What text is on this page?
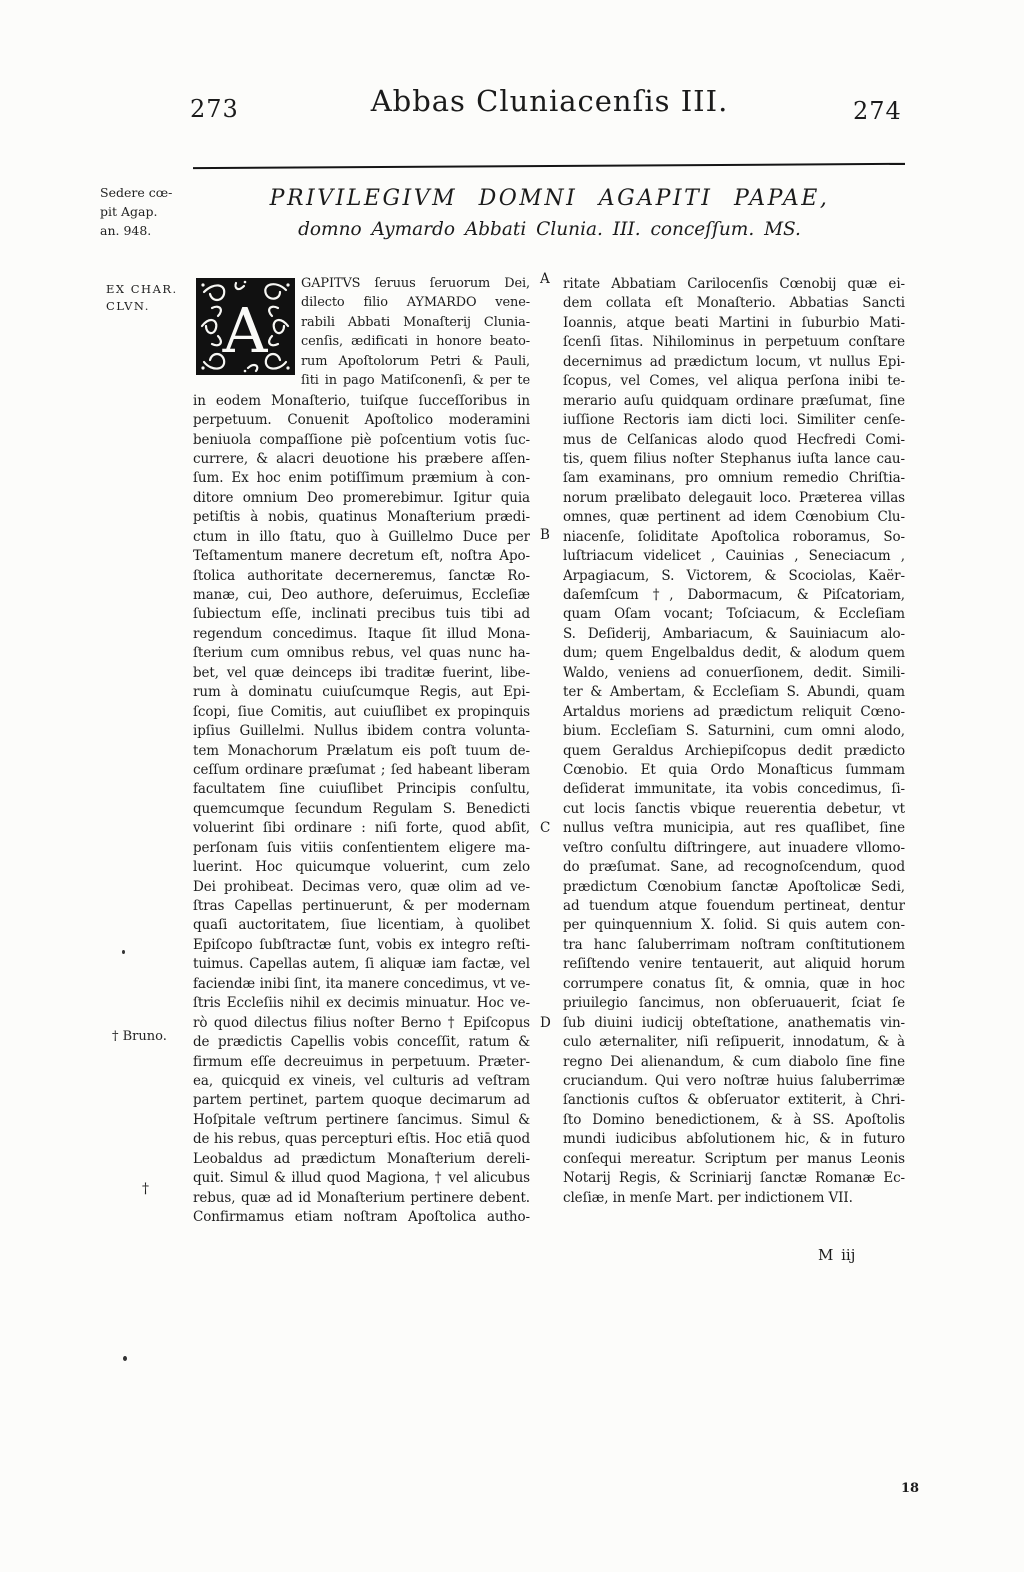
273	Abbas Cluniacenſis III.	274
Sedere cœ-
pit Agap.
an. 948.
PRIVILEGIVM DOMNI AGAPITI PAPAE,
domno Aymardo Abbati Clunia. III. conceſſum. MS.
EX CHAR.
CLVN.	A
GAPITVS ſeruus ſeruorum Dei,
dilecto filio AYMARDO vene-
rabili Abbati Monaſterij Clunia-
cenſis, ædificati in honore beato-
rum Apoſtolorum Petri & Pauli,
ſiti in pago Matiſconenſi, & per te
in eodem Monaſterio, tuiſque ſucceſſoribus in
perpetuum. Conuenit Apoſtolico moderamini
beniuola compaſſione piè poſcentium votis ſuc-
currere, & alacri deuotione his præbere aſſen-
ſum. Ex hoc enim potiſſimum præmium à con-
ditore omnium Deo promerebimur. Igitur quia
petiſtis à nobis, quatinus Monaſterium prædi-
ctum in illo ſtatu, quo à Guillelmo Duce per
Teſtamentum manere decretum eſt, noſtra Apo-
ſtolica authoritate decerneremus, ſanctæ Ro-
manæ, cui, Deo authore, deſeruimus, Eccleſiæ
ſubiectum eſſe, inclinati precibus tuis tibi ad
regendum concedimus. Itaque ſit illud Mona-
ſterium cum omnibus rebus, vel quas nunc ha-
bet, vel quæ deinceps ibi traditæ fuerint, libe-
rum à dominatu cuiuſcumque Regis, aut Epi-
ſcopi, ſiue Comitis, aut cuiuſlibet ex propinquis
ipſius Guillelmi. Nullus ibidem contra volunta-
tem Monachorum Prælatum eis poſt tuum de-
ceſſum ordinare præſumat ; ſed habeant liberam
facultatem ſine cuiuſlibet Principis conſultu,
quemcumque ſecundum Regulam S. Benedicti
voluerint ſibi ordinare : niſi forte, quod abſit,
perſonam ſuis vitiis conſentientem eligere ma-
luerint. Hoc quicumque voluerint, cum zelo
Dei prohibeat. Decimas vero, quæ olim ad ve-
ſtras Capellas pertinuerunt, & per modernam
quaſi auctoritatem, ſiue licentiam, à quolibet
Epiſcopo ſubſtractæ ſunt, vobis ex integro reſti-
tuimus. Capellas autem, ſi aliquæ iam factæ, vel
faciendæ inibi ſint, ita manere concedimus, vt ve-
ſtris Eccleſiis nihil ex decimis minuatur. Hoc ve-
rò quod dilectus filius noſter Berno † Epiſcopus
de prædictis Capellis vobis conceſſit, ratum &
firmum eſſe decreuimus in perpetuum. Præter-
ea, quicquid ex vineis, vel culturis ad veſtram
partem pertinet, partem quoque decimarum ad
Hoſpitale veſtrum pertinere ſancimus. Simul &
de his rebus, quas percepturi eſtis. Hoc etiā quod
Leobaldus ad prædictum Monaſterium dereli-
quit. Simul & illud quod Magiona, † vel alicubus
rebus, quæ ad id Monaſterium pertinere debent.
Confirmamus etiam noſtram Apoſtolica autho-
A
B
C
D
ritate Abbatiam Carilocenſis Cœnobij quæ ei-
dem collata eſt Monaſterio. Abbatias Sancti
Ioannis, atque beati Martini in ſuburbio Mati-
ſcenſi ſitas. Nihilominus in perpetuum conſtare
decernimus ad prædictum locum, vt nullus Epi-
ſcopus, vel Comes, vel aliqua perſona inibi te-
merario auſu quidquam ordinare præſumat, ſine
iuſſione Rectoris iam dicti loci. Similiter cenſe-
mus de Celſanicas alodo quod Hecfredi Comi-
tis, quem filius noſter Stephanus iuſta lance cau-
ſam examinans, pro omnium remedio Chriſtia-
norum prælibato delegauit loco. Præterea villas
omnes, quæ pertinent ad idem Cœnobium Clu-
niacenſe, ſoliditate Apoſtolica roboramus, So-
luſtriacum videlicet , Cauinias , Seneciacum ,
Arpagiacum, S. Victorem, & Scociolas, Kaër-
daſemſcum †, Dabormacum, & Piſcatoriam,
quam Oſam vocant; Toſciacum, & Eccleſiam
S. Deſiderij, Ambariacum, & Sauiniacum alo-
dum; quem Engelbaldus dedit, & alodum quem
Waldo, veniens ad conuerſionem, dedit. Simili-
ter & Ambertam, & Eccleſiam S. Abundi, quam
Artaldus moriens ad prædictum reliquit Cœno-
bium. Eccleſiam S. Saturnini, cum omni alodo,
quem Geraldus Archiepiſcopus dedit prædicto
Cœnobio. Et quia Ordo Monaſticus ſummam
deſiderat immunitate, ita vobis concedimus, ſi-
cut locis ſanctis vbique reuerentia debetur, vt
nullus veſtra municipia, aut res quaſlibet, ſine
veſtro conſultu diſtringere, aut inuadere vllomo-
do præſumat. Sane, ad recognoſcendum, quod
prædictum Cœnobium ſanctæ Apoſtolicæ Sedi,
ad tuendum atque fouendum pertineat, dentur
per quinquennium X. ſolid. Si quis autem con-
tra hanc ſaluberrimam noſtram conſtitutionem
reſiſtendo venire tentauerit, aut aliquid horum
corrumpere conatus ſit, & omnia, quæ in hoc
priuilegio ſancimus, non obſeruauerit, ſciat ſe
ſub diuini iudicij obteſtatione, anathematis vin-
culo æternaliter, niſi reſipuerit, innodatum, & à
regno Dei alienandum, & cum diabolo ſine fine
cruciandum. Qui vero noſtræ huius ſaluberrimæ
ſanctionis cuſtos & obſeruator extiterit, à Chri-
ſto Domino benedictionem, & à SS. Apoſtolis
mundi iudicibus abſolutionem hic, & in futuro
conſequi mereatur. Scriptum per manus Leonis
Notarij Regis, & Scriniarij ſanctæ Romanæ Ec-
cleſiæ, in menſe Mart. per indictionem VII.
† Bruno.
†
M iij
18
